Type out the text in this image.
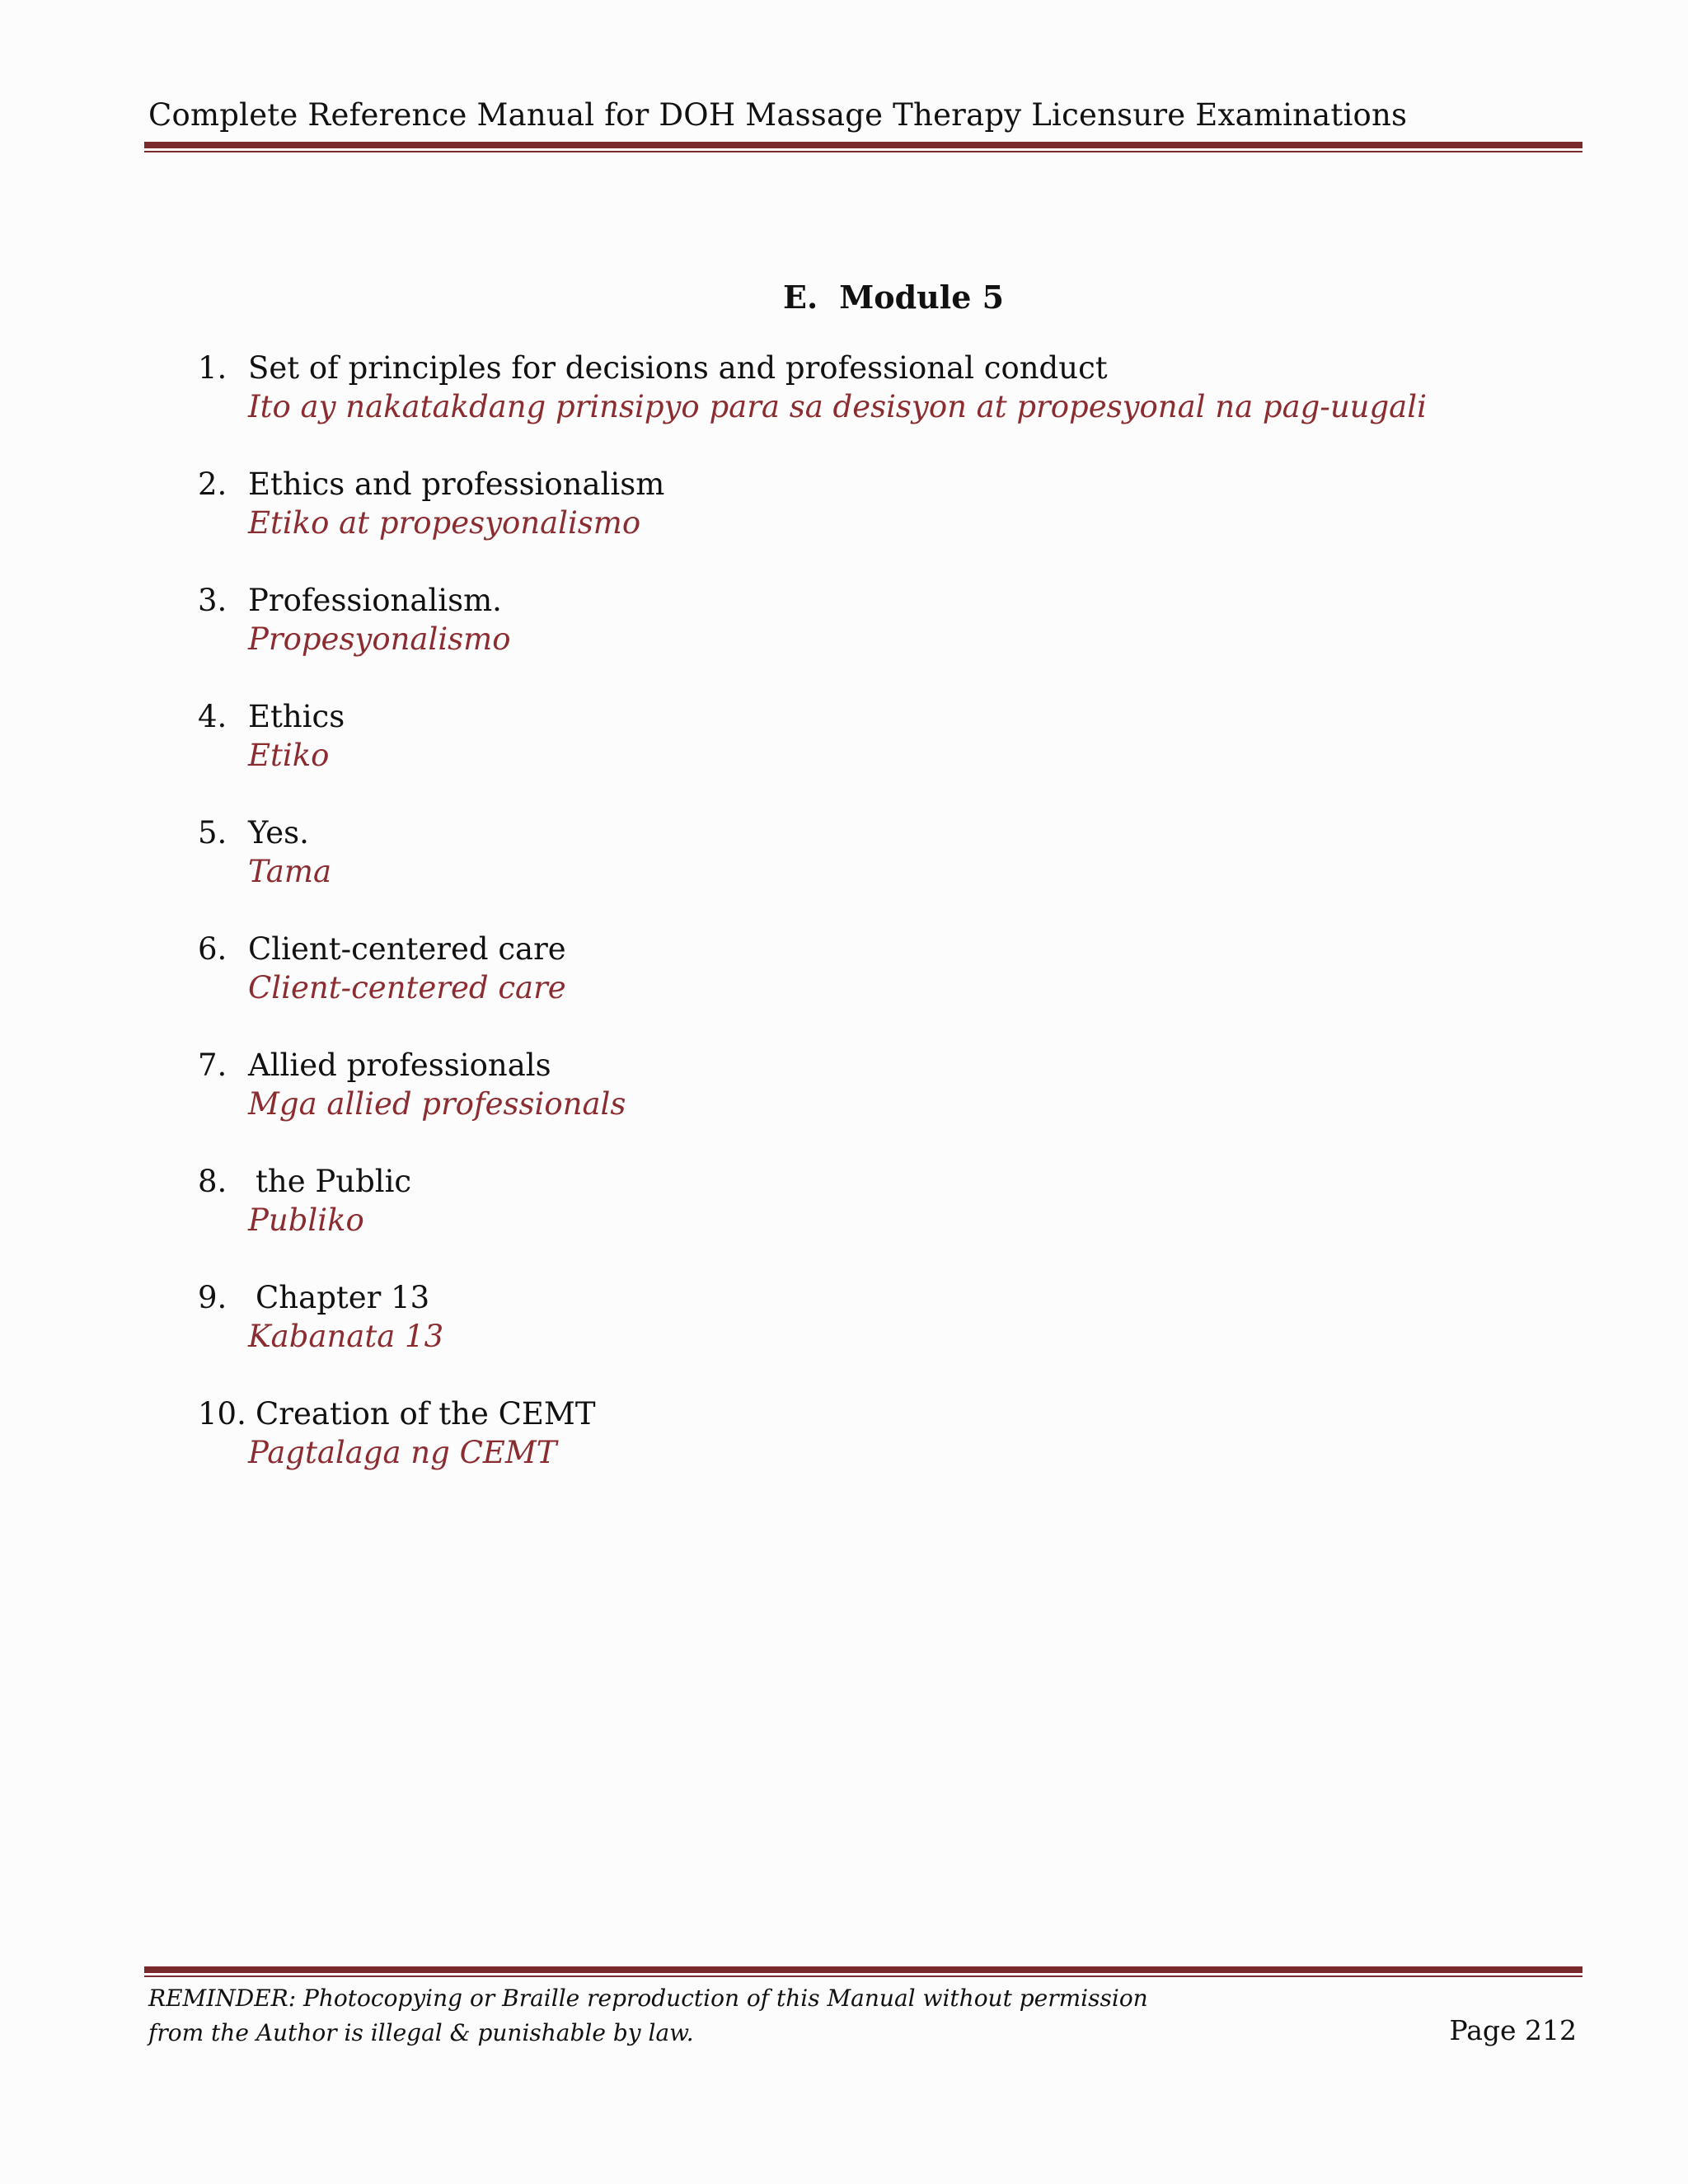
Complete Reference Manual for DOH Massage Therapy Licensure Examinations
E. Module 5
1. Set of principles for decisions and professional conduct
Ito ay nakatakdang prinsipyo para sa desisyon at propesyonal na pag-uugali
2. Ethics and professionalism
Etiko at propesyonalismo
3. Professionalism.
Propesyonalismo
4. Ethics
Etiko
5. Yes.
Tama
6. Client-centered care
Client-centered care
7. Allied professionals
Mga allied professionals
8. the Public
Publiko
9. Chapter 13
Kabanata 13
10. Creation of the CEMT
Pagtalaga ng CEMT
REMINDER: Photocopying or Braille reproduction of this Manual without permission
from the Author is illegal & punishable by law.	Page 212
